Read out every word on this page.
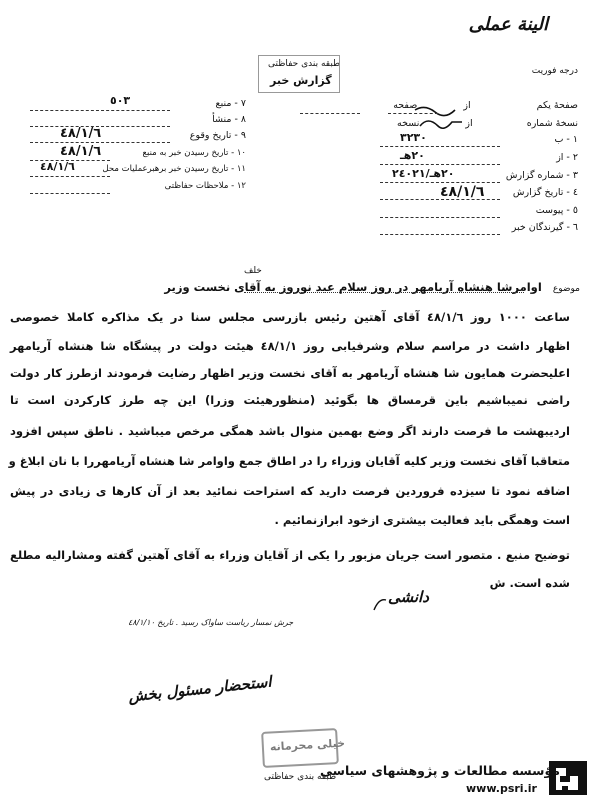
الينة عملى
درجه فوريت
طبقه بندى حفاظتى
گزارش خبر
صفحهٔ يکم  از  صفحه
نسخهٔ شماره  از  نسخه
١ - ب
٣٢٣٠
٢ - از
٢٠هـ
٣ - شماره گزارش
٢٠هـ/٢٤٠٢١
٤ - تاريخ گزارش
٤٨/١/٦
٥ - پيوست
٦ - گيرندگان خبر
٧ - منبع
٥٠٣
٨ - منشأ
٩ - تاريخ وقوع
٤٨/١/٦
١٠ - تاريخ رسيدن خبر به منبع
٤٨/١/٦
١١ - تاريخ رسيدن خبر برهبرعمليات محل
٤٨/١/٦
١٢ - ملاحظات حفاظتى
خلف
موضوع اوامرشا هنشاه آريامهر در روز سلام عيد نوروز به آقاى نخست وزير
ساعت ١٠٠٠ روز ٤٨/١/٦ آقاى آهتين رئيس بازرسى مجلس سنا در يک مذاکره کاملا خصوصى
اظهار داشت در مراسم سلام وشرفيابى روز ٤٨/١/١ هيئت دولت در پيشگاه شا هنشاه آريامهر
اعليحضرت همايون شا هنشاه آريامهر به آقاى نخست وزير اظهار رضايت فرمودند ازطرز کار دولت
راضى نميباشيم باين قرمساق ها بگوئيد (منظورهيئت وزرا) اين چه طرز کارکردن است تا
ارديبهشت ما فرصت دارند اگر وضع بهمين منوال باشد همگى مرخص ميباشيد . ناطق سپس افزود
متعاقبا آقاى نخست وزير کليه آقايان وزراء را در اطاق جمع واوامر شا هنشاه آريامهررا با نان ابلاغ و
اضافه نمود تا سيزده فروردين فرصت داريد که استراحت نمائيد بعد از آن کارها ى زيادى در پيش
است وهمگى بايد فعاليت بيشترى ازخود ابرازنمائيم .
توضيح منبع . متصور است جريان مزبور را يکى از آقايان وزراء به آقاى آهتين گفته ومشاراليه مطلع
شده است. ش
دانشى
جرش نمسار رياست ساواک رسيد . تاريخ ٤٨/١/١٠
استحضار مسئول بخش
خيلى محرمانه
طبقه بندى حفاظتى
مؤسسه مطالعات و پژوهشهای سیاسی
www.psri.ir
